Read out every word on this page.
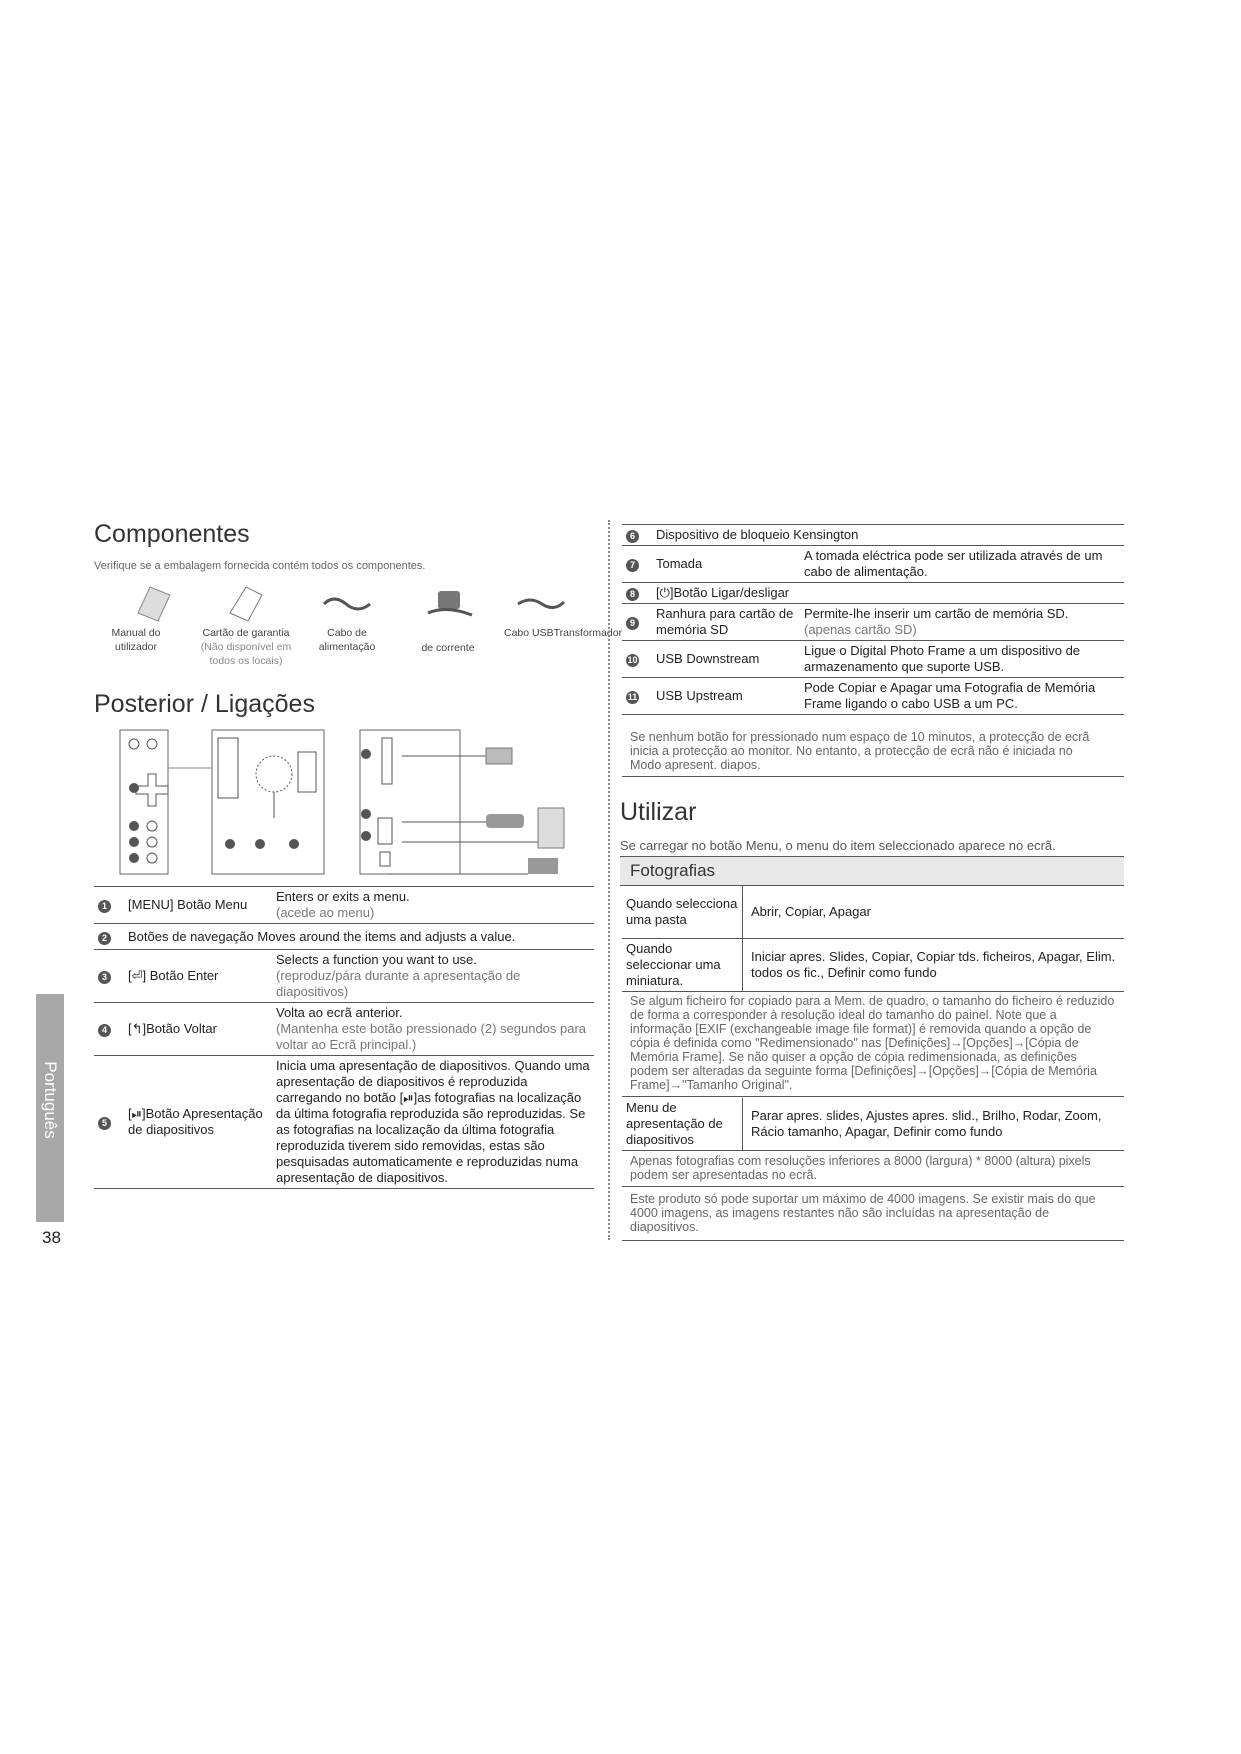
Componentes
Verifique se a embalagem fornecida contém todos os componentes.
Manual do utilizador
Cartão de garantia
(Não disponível em todos os locais)
Cabo de alimentação	de corrente
Cabo USBTransformador
Posterior / Ligações
1	[MENU] Botão Menu	Enters or exits a menu.
(acede ao menu)

2	Botões de navegação Moves around the items and adjusts a value.	
3	[⏎] Botão Enter	Selects a function you want to use.
(reproduz/pára durante a apresentação de diapositivos)

4	[↰]Botão Voltar	Volta ao ecrã anterior.
(Mantenha este botão pressionado (2) segundos para voltar ao Ecrã principal.)

5	[⏯]Botão Apresentação de diapositivos	Inicia uma apresentação de diapositivos. Quando uma apresentação de diapositivos é reproduzida carregando no botão [⏯]as fotografias na localização da última fotografia reproduzida são reproduzidas. Se as fotografias na localização da última fotografia reproduzida tiverem sido removidas, estas são pesquisadas automaticamente e reproduzidas numa apresentação de diapositivos.
Português
38
6	Dispositivo de bloqueio Kensington	
7	Tomada	A tomada eléctrica pode ser utilizada através de um cabo de alimentação.
8	[⏻]Botão Ligar/desligar	
9	Ranhura para cartão de memória SD	Permite-lhe inserir um cartão de memória SD.
(apenas cartão SD)

10	USB Downstream	Ligue o Digital Photo Frame a um dispositivo de armazenamento que suporte USB.
11	USB Upstream	Pode Copiar e Apagar uma Fotografia de Memória Frame ligando o cabo USB a um PC.
Se nenhum botão for pressionado num espaço de 10 minutos, a protecção de ecrã inicia a protecção ao monitor. No entanto, a protecção de ecrã não é iniciada no Modo apresent. diapos.
Utilizar
Se carregar no botão Menu, o menu do item seleccionado aparece no ecrã.
Fotografias
Quando selecciona uma pasta	Abrir, Copiar, Apagar
Quando seleccionar uma miniatura.	Iniciar apres. Slides, Copiar, Copiar tds. ficheiros, Apagar, Elim. todos os fic., Definir como fundo
Se algum ficheiro for copiado para a Mem. de quadro, o tamanho do ficheiro é reduzido de forma a corresponder à resolução ideal do tamanho do painel. Note que a informação [EXIF (exchangeable image file format)] é removida quando a opção de cópia é definida como "Redimensionado" nas [Definições]→[Opções]→[Cópia de Memória Frame]. Se não quiser a opção de cópia redimensionada, as definições podem ser alteradas da seguinte forma [Definições]→[Opções]→[Cópia de Memória Frame]→"Tamanho Original".
Menu de apresentação de diapositivos	Parar apres. slides, Ajustes apres. slid., Brilho, Rodar, Zoom, Rácio tamanho, Apagar, Definir como fundo
Apenas fotografias com resoluções inferiores a 8000 (largura) * 8000 (altura) pixels podem ser apresentadas no ecrã.
Este produto só pode suportar um máximo de 4000 imagens. Se existir mais do que 4000 imagens, as imagens restantes não são incluídas na apresentação de diapositivos.
